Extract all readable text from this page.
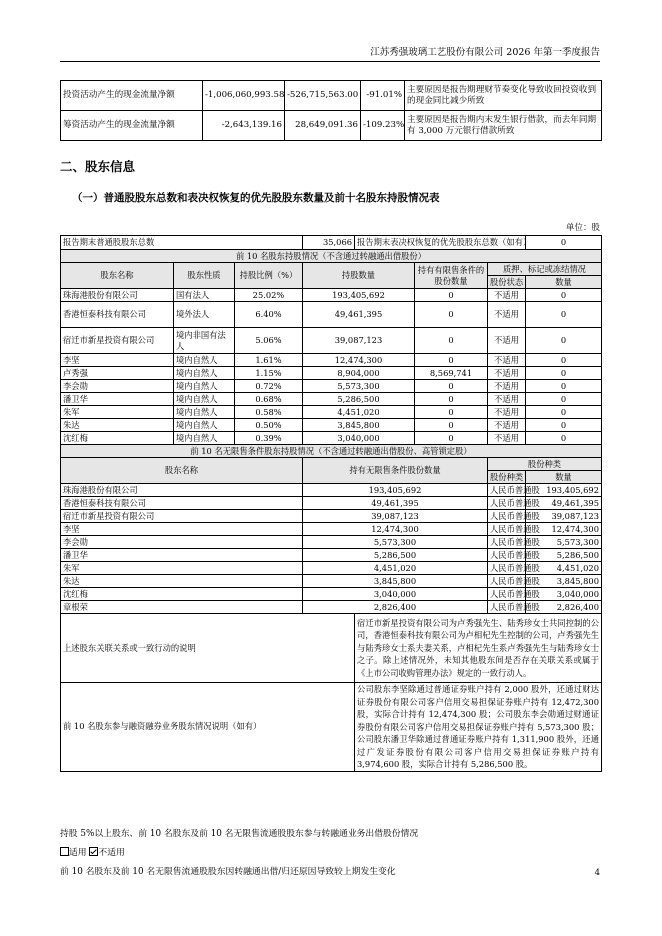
江苏秀强玻璃工艺股份有限公司 2026 年第一季度报告
投资活动产生的现金流量净额	-1,006,060,993.58	-526,715,563.00	-91.01%	主要原因是报告期理财节奏变化导致收回投资收到的现金同比减少所致
筹资活动产生的现金流量净额	-2,643,139.16	28,649,091.36	-109.23%	主要原因是报告期内末发生银行借款，而去年同期有 3,000 万元银行借款所致
二、股东信息
（一）普通股股东总数和表决权恢复的优先股股东数量及前十名股东持股情况表
单位：股
报告期末普通股股东总数			35,066	报告期末表决权恢复的优先股股东总数（如有）			0
前 10 名股东持股情况（不含通过转融通出借股份）							
股东名称	股东性质	持股比例（%）	持股数量		持有有限售条件的股份数量	质押、标记或冻结情况	
						股份状态	数量
珠海港股份有限公司	国有法人	25.02%	193,405,692		0	不适用	0
香港恒泰科技有限公司	境外法人	6.40%	49,461,395		0	不适用	0
宿迁市新星投资有限公司	境内非国有法人	5.06%	39,087,123		0	不适用	0
李坚	境内自然人	1.61%	12,474,300		0	不适用	0
卢秀强	境内自然人	1.15%	8,904,000		8,569,741	不适用	0
李会勋	境内自然人	0.72%	5,573,300		0	不适用	0
潘卫华	境内自然人	0.68%	5,286,500		0	不适用	0
朱军	境内自然人	0.58%	4,451,020		0	不适用	0
朱达	境内自然人	0.50%	3,845,800		0	不适用	0
沈红梅	境内自然人	0.39%	3,040,000		0	不适用	0
前 10 名无限售条件股东持股情况（不含通过转融通出借股份、高管锁定股）							
股东名称			持有无限售条件股份数量			股份种类	
						股份种类	数量
珠海港股份有限公司			193,405,692			人民币普通股	193,405,692
香港恒泰科技有限公司			49,461,395			人民币普通股	49,461,395
宿迁市新星投资有限公司			39,087,123			人民币普通股	39,087,123
李坚			12,474,300			人民币普通股	12,474,300
李会勋			5,573,300			人民币普通股	5,573,300
潘卫华			5,286,500			人民币普通股	5,286,500
朱军			4,451,020			人民币普通股	4,451,020
朱达			3,845,800			人民币普通股	3,845,800
沈红梅			3,040,000			人民币普通股	3,040,000
章根荣			2,826,400			人民币普通股	2,826,400
上述股东关联关系或一致行动的说明				宿迁市新星投资有限公司为卢秀强先生、陆秀珍女士共同控制的公司，香港恒泰科技有限公司为卢相杞先生控制的公司，卢秀强先生与陆秀珍女士系夫妻关系，卢相杞先生系卢秀强先生与陆秀珍女士之子。除上述情况外，未知其他股东间是否存在关联关系或属于《上市公司收购管理办法》规定的一致行动人。			
前 10 名股东参与融资融券业务股东情况说明（如有）				公司股东李坚除通过普通证券账户持有 2,000 股外，还通过财达证券股份有限公司客户信用交易担保证券账户持有 12,472,300 股，实际合计持有 12,474,300 股；公司股东李会勋通过财通证券股份有限公司客户信用交易担保证券账户持有 5,573,300 股；公司股东潘卫华除通过普通证券账户持有 1,311,900 股外，还通过广发证券股份有限公司客户信用交易担保证券账户持有 3,974,600 股，实际合计持有 5,286,500 股。			
持股 5%以上股东、前 10 名股东及前 10 名无限售流通股股东参与转融通业务出借股份情况
适用 不适用
前 10 名股东及前 10 名无限售流通股股东因转融通出借/归还原因导致较上期发生变化	4
